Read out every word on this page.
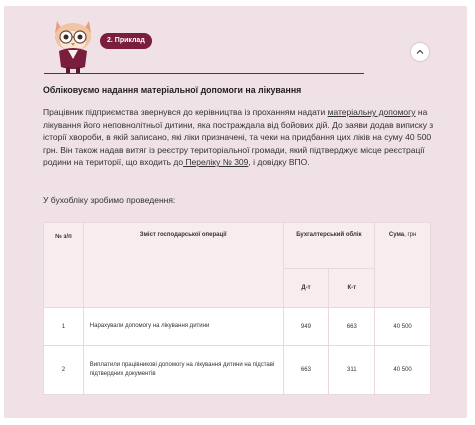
2. Приклад
Обліковуємо надання матеріальної допомоги на лікування
Працівник підприємства звернувся до керівництва із проханням надати матеріальну допомогу на лікування його неповнолітньої дитини, яка постраждала від бойових дій. До заяви додав виписку з історії хвороби, в якій записано, які ліки призначені, та чеки на придбання цих ліків на суму 40 500 грн. Він також надав витяг із реєстру територіальної громади, який підтверджує місце реєстрації родини на території, що входить до Переліку № 309, і довідку ВПО.
У бухобліку зробимо проведення:
№ з/п	Зміст господарської операції	Бухгалтерський облік		Сума, грн
		Д-т	К-т	
1	Нарахували допомогу на лікування дитини	949	663	40 500
2	Виплатили працівникові допомогу на лікування дитини на підставі підтвердних документів	663	311	40 500
